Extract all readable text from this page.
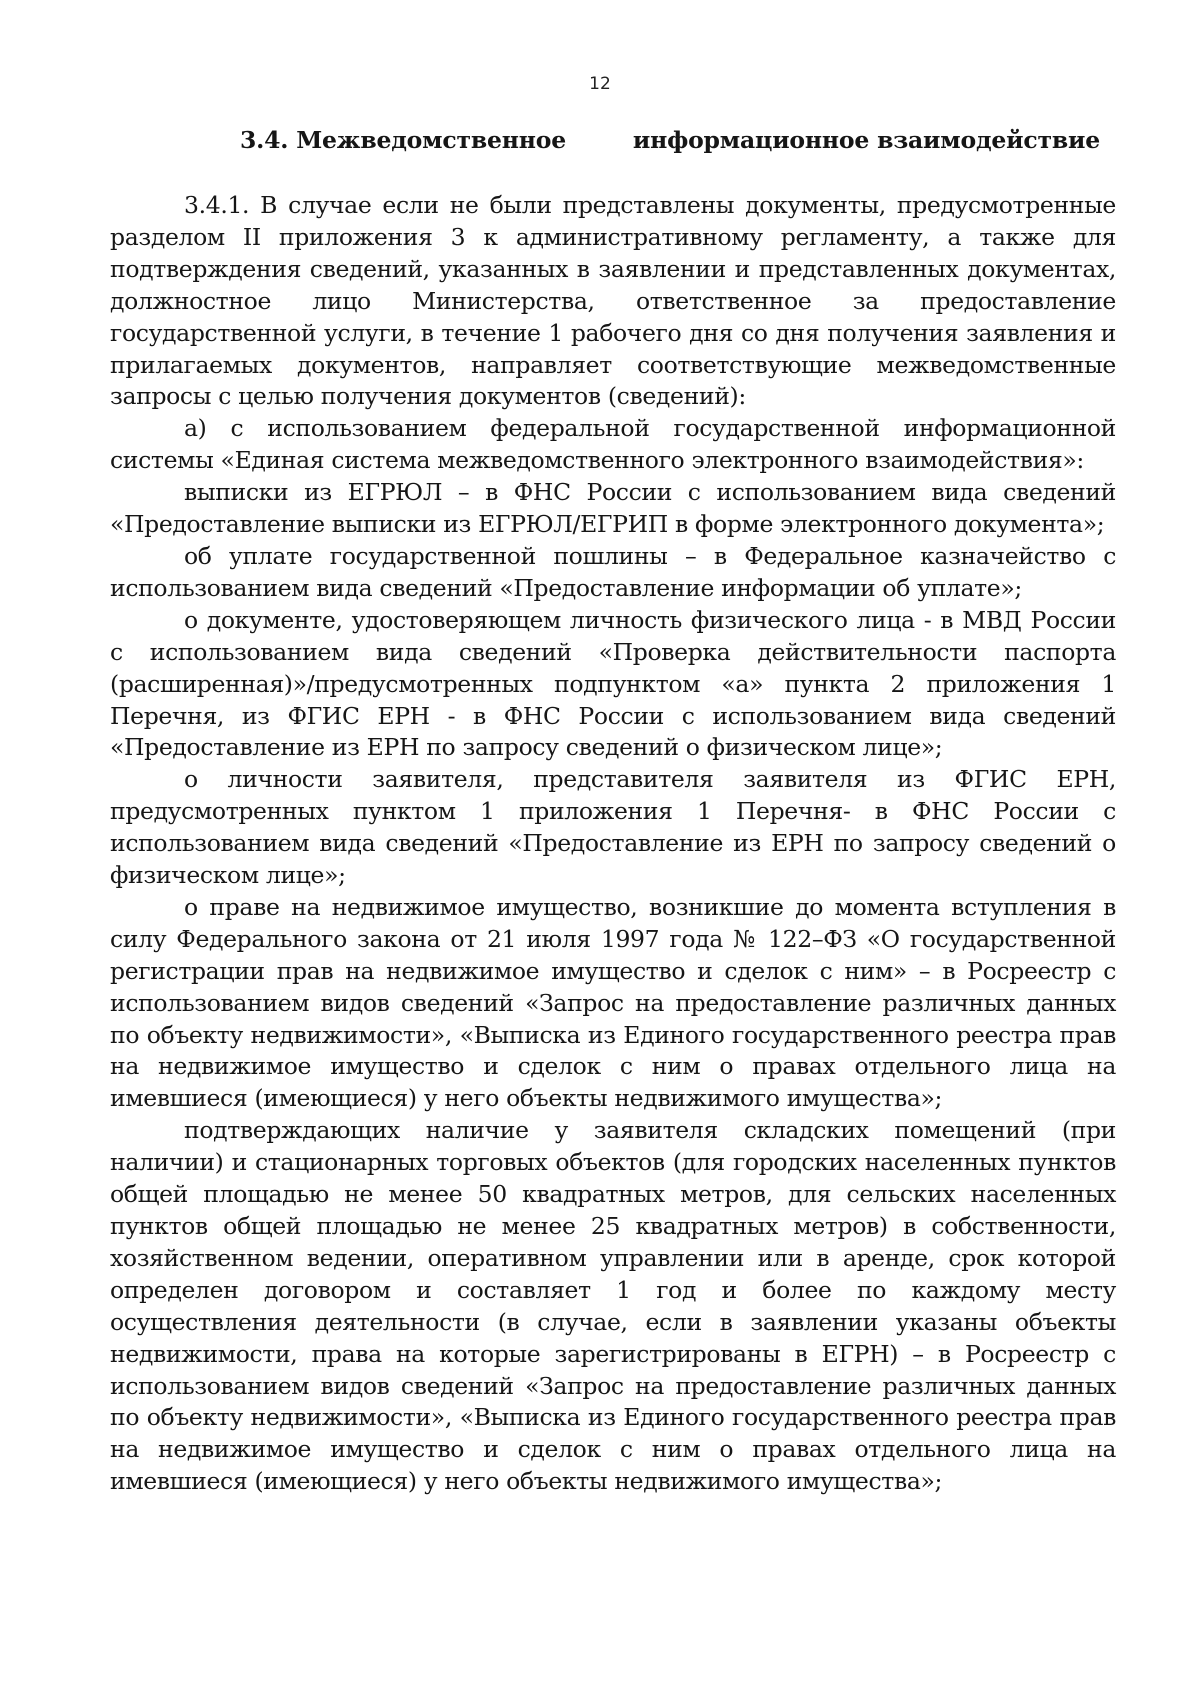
12
3.4. Межведомственное	информационное взаимодействие

3.4.1. В случае если не были представлены документы, предусмотренные разделом II приложения 3 к административному регламенту, а также для подтверждения сведений, указанных в заявлении и представленных документах, должностное лицо Министерства, ответственное за предоставление государственной услуги, в течение 1 рабочего дня со дня получения заявления и прилагаемых документов, направляет соответствующие межведомственные запросы с целью получения документов (сведений):

а) с использованием федеральной государственной информационной системы «Единая система межведомственного электронного взаимодействия»:

выписки из ЕГРЮЛ – в ФНС России с использованием вида сведений «Предоставление выписки из ЕГРЮЛ/ЕГРИП в форме электронного документа»;

об уплате государственной пошлины – в Федеральное казначейство с использованием вида сведений «Предоставление информации об уплате»;

о документе, удостоверяющем личность физического лица - в МВД России с использованием вида сведений «Проверка действительности паспорта (расширенная)»/предусмотренных подпунктом «а» пункта 2 приложения 1 Перечня, из ФГИС ЕРН - в ФНС России с использованием вида сведений «Предоставление из ЕРН по запросу сведений о физическом лице»;

о личности заявителя, представителя заявителя из ФГИС ЕРН, предусмотренных пунктом 1 приложения 1 Перечня- в ФНС России с использованием вида сведений «Предоставление из ЕРН по запросу сведений о физическом лице»;

о праве на недвижимое имущество, возникшие до момента вступления в силу Федерального закона от 21 июля 1997 года № 122–ФЗ «О государственной регистрации прав на недвижимое имущество и сделок с ним» – в Росреестр с использованием видов сведений «Запрос на предоставление различных данных по объекту недвижимости», «Выписка из Единого государственного реестра прав на недвижимое имущество и сделок с ним о правах отдельного лица на имевшиеся (имеющиеся) у него объекты недвижимого имущества»;

подтверждающих наличие у заявителя складских помещений (при наличии) и стационарных торговых объектов (для городских населенных пунктов общей площадью не менее 50 квадратных метров, для сельских населенных пунктов общей площадью не менее 25 квадратных метров) в собственности, хозяйственном ведении, оперативном управлении или в аренде, срок которой определен договором и составляет 1 год и более по каждому месту осуществления деятельности (в случае, если в заявлении указаны объекты недвижимости, права на которые зарегистрированы в ЕГРН) – в Росреестр с использованием видов сведений «Запрос на предоставление различных данных по объекту недвижимости», «Выписка из Единого государственного реестра прав на недвижимое имущество и сделок с ним о правах отдельного лица на имевшиеся (имеющиеся) у него объекты недвижимого имущества»;
